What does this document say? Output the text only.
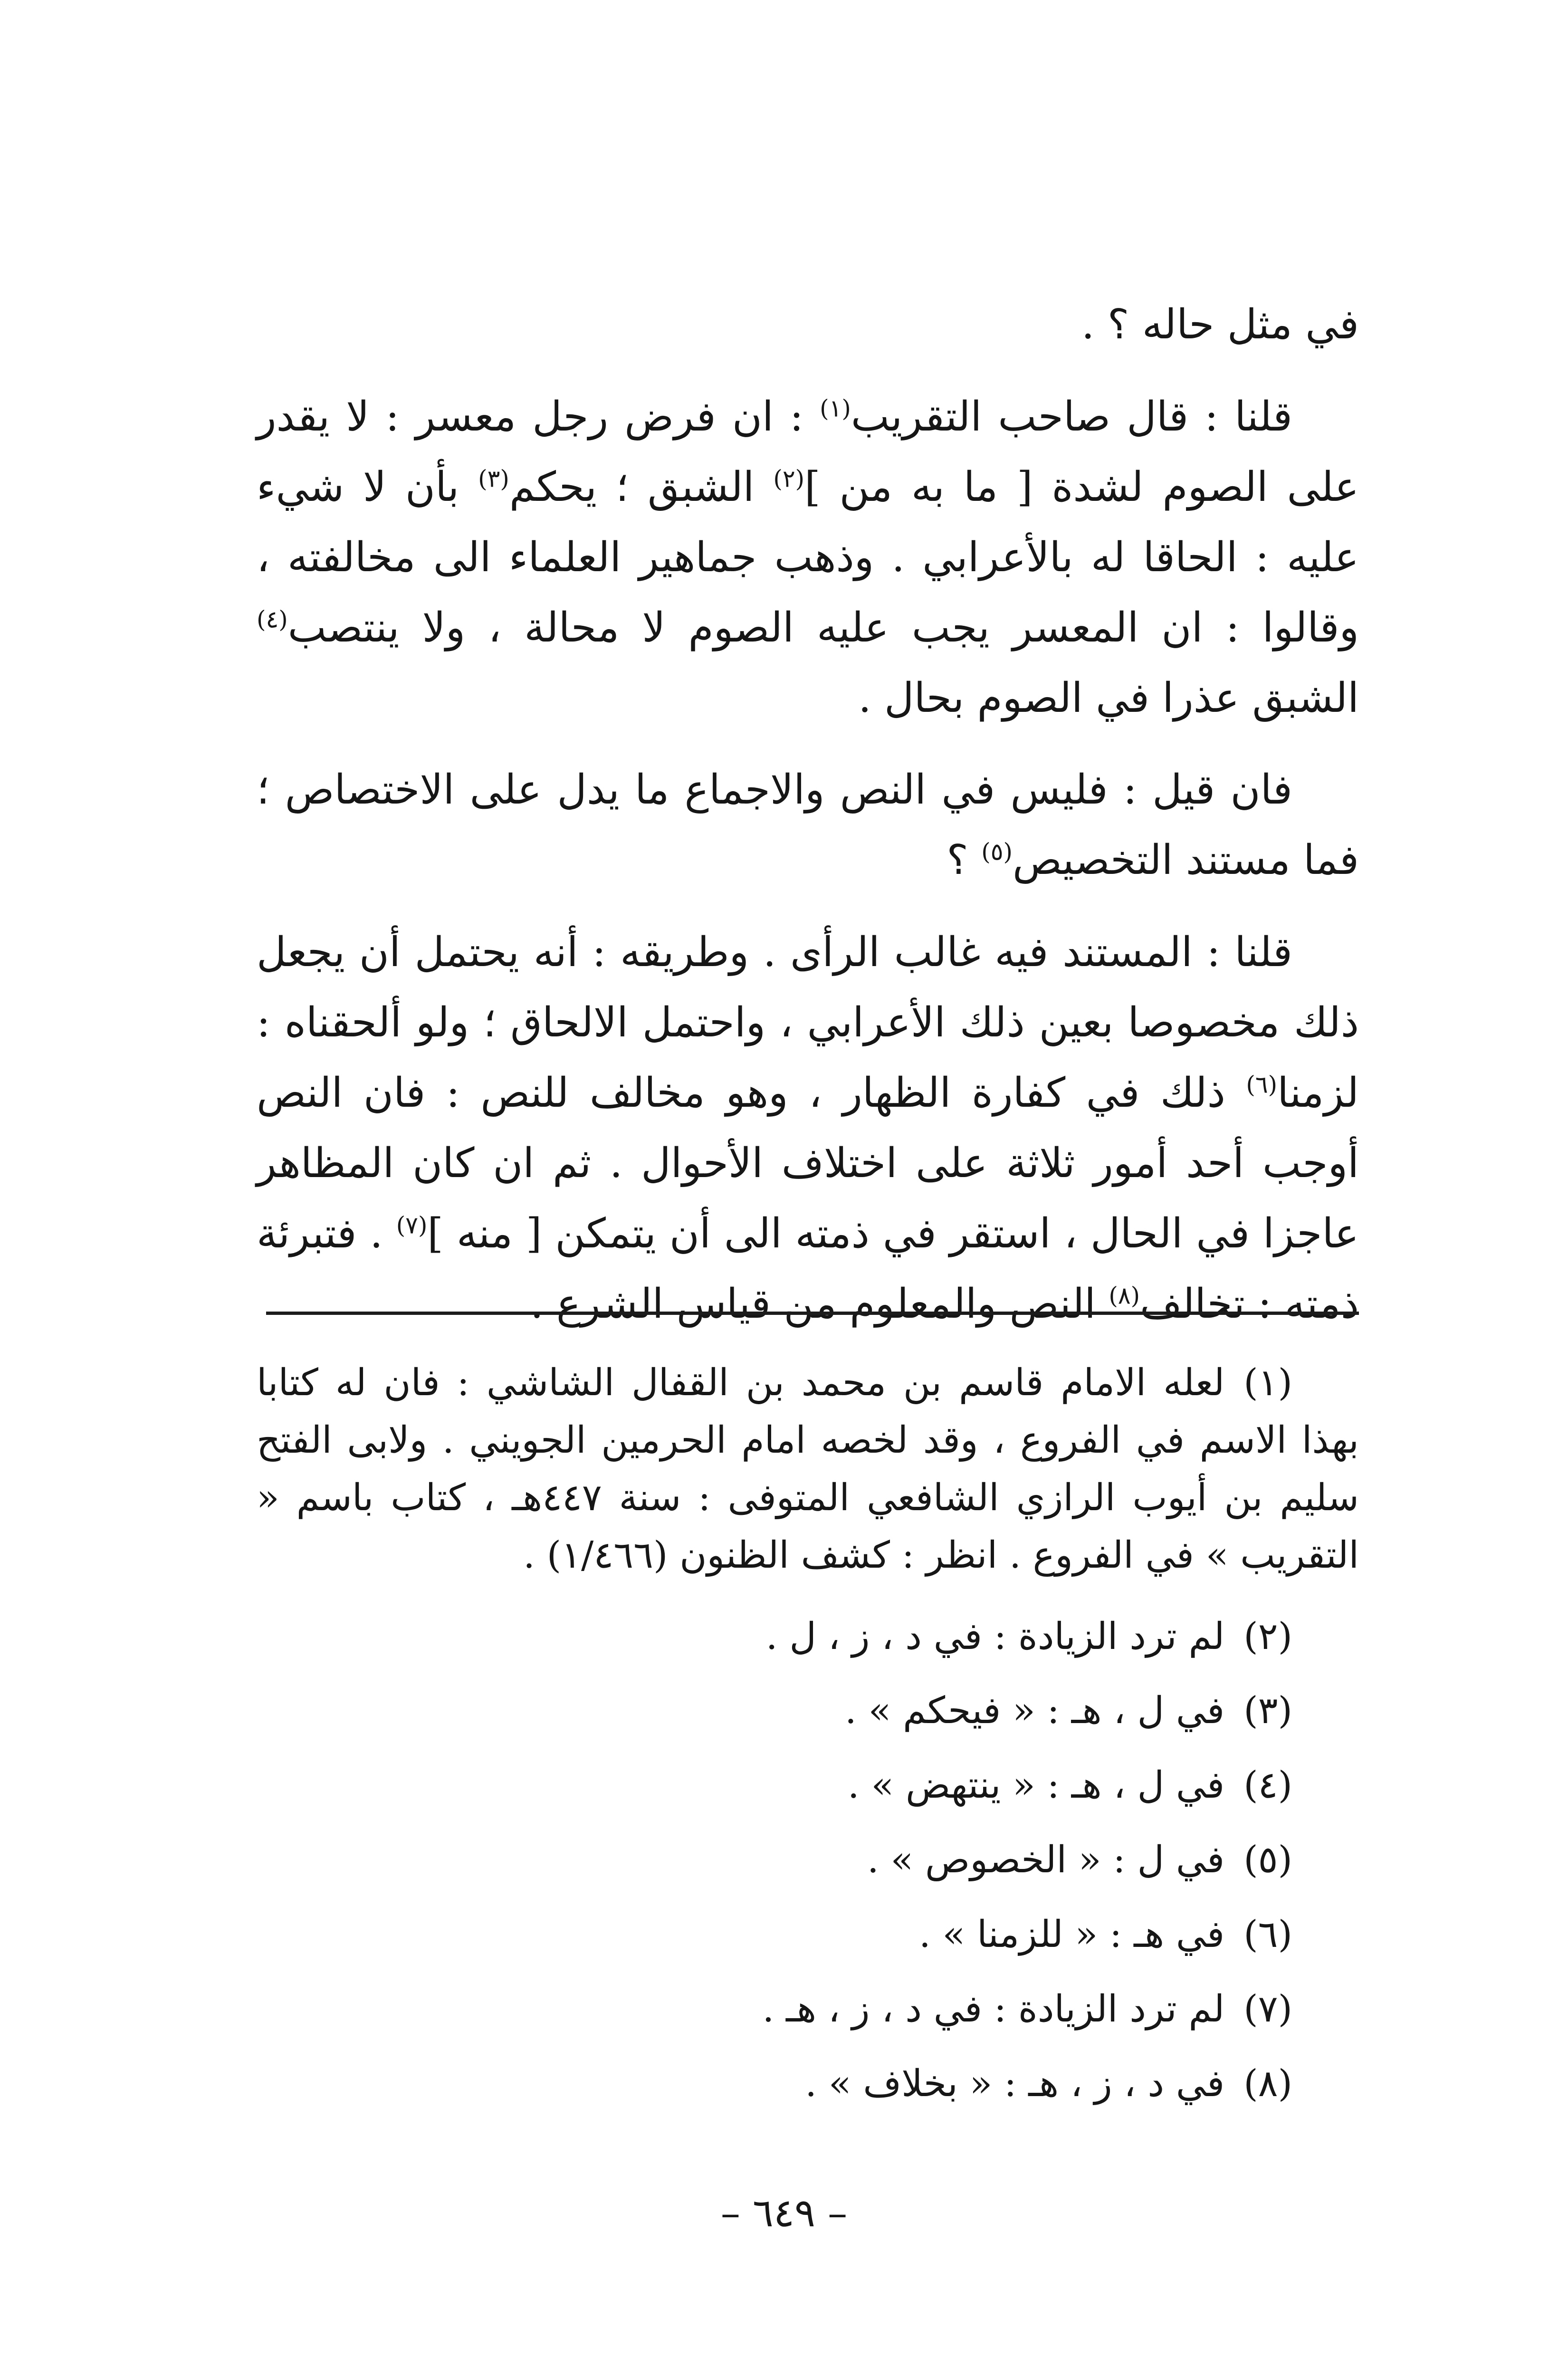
في مثل حاله ؟ .

قلنا : قال صاحب التقريب$^{(١)}$ : ان فرض رجل معسر : لا يقدر على الصوم لشدة [ ما به من ]$^{(٢)}$ الشبق ؛ يحكم$^{(٣)}$ بأن لا شيء عليه : الحاقا له بالأعرابي . وذهب جماهير العلماء الى مخالفته ، وقالوا : ان المعسر يجب عليه الصوم لا محالة ، ولا ينتصب$^{(٤)}$ الشبق عذرا في الصوم بحال .

فان قيل : فليس في النص والاجماع ما يدل على الاختصاص ؛ فما مستند التخصيص$^{(٥)}$ ؟

قلنا : المستند فيه غالب الرأى . وطريقه : أنه يحتمل أن يجعل ذلك مخصوصا بعين ذلك الأعرابي ، واحتمل الالحاق ؛ ولو ألحقناه : لزمنا$^{(٦)}$ ذلك في كفارة الظهار ، وهو مخالف للنص : فان النص أوجب أحد أمور ثلاثة على اختلاف الأحوال . ثم ان كان المظاهر عاجزا في الحال ، استقر في ذمته الى أن يتمكن [ منه ]$^{(٧)}$ . فتبرئة ذمته : تخالف$^{(٨)}$ النص والمعلوم من قياس الشرع .

(١)لعله الامام قاسم بن محمد بن القفال الشاشي : فان له كتابا بهذا الاسم في الفروع ، وقد لخصه امام الحرمين الجويني . ولابى الفتح سليم بن أيوب الرازي الشافعي المتوفى : سنة ٤٤٧هـ ، كتاب باسم « التقريب » في الفروع . انظر : كشف الظنون (١/٤٦٦) .
(٢)لم ترد الزيادة : في د ، ز ، ل .
(٣)في ل ، هـ : « فيحكم » .
(٤)في ل ، هـ : « ينتهض » .
(٥)في ل : « الخصوص » .
(٦)في هـ : « للزمنا » .
(٧)لم ترد الزيادة : في د ، ز ، هـ .
(٨)في د ، ز ، هـ : « بخلاف » .
– ٦٤٩ –
